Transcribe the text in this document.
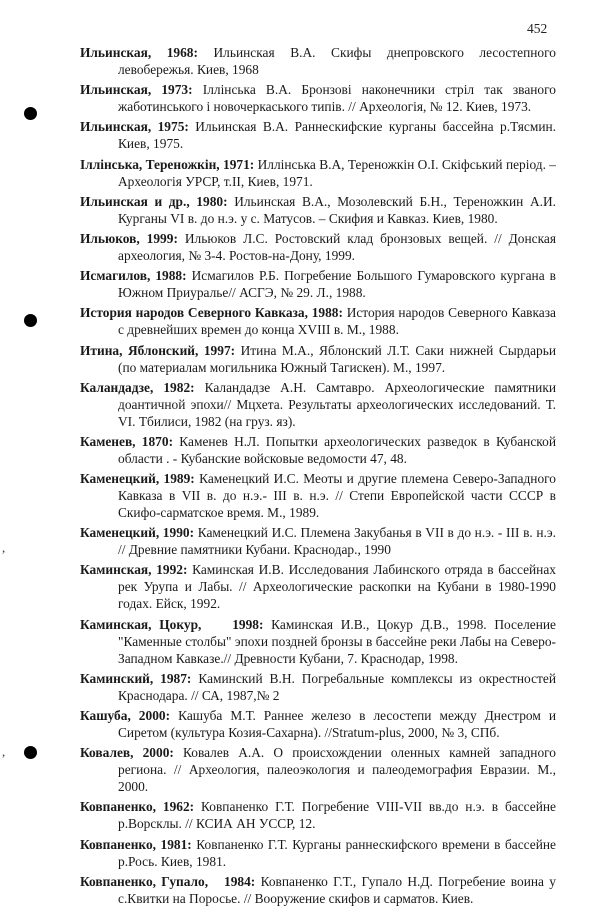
452
,
,
Ильинская, 1968: Ильинская В.А. Скифы днепровского лесостепного левобережья. Киев, 1968
Ильинская, 1973: Іллінська В.А. Бронзові наконечники стріл так званого жаботинського і новочеркаського типів. // Археологія, № 12. Киев, 1973.
Ильинская, 1975: Ильинская В.А. Раннескифские курганы бассейна р.Тясмин. Киев, 1975.
Іллінська, Тереножкін, 1971: Иллінська В.А, Тереножкін О.І. Скіфський період. – Археологія УРСР, т.ІІ, Киев, 1971.
Ильинская и др., 1980: Ильинская В.А., Мозолевский Б.Н., Тереножкин А.И. Курганы VI в. до н.э. у с. Матусов. – Скифия и Кавказ. Киев, 1980.
Ильюков, 1999: Ильюков Л.С. Ростовский клад бронзовых вещей. // Донская археология, № 3-4. Ростов-на-Дону, 1999.
Исмагилов, 1988: Исмагилов Р.Б. Погребение Большого Гумаровского кургана в Южном Приуралье// АСГЭ, № 29. Л., 1988.
История народов Северного Кавказа, 1988: История народов Северного Кавказа с древнейших времен до конца XVIII в. М., 1988.
Итина, Яблонский, 1997: Итина М.А., Яблонский Л.Т. Саки нижней Сырдарьи (по материалам могильника Южный Тагискен). М., 1997.
Каландадзе, 1982: Каландадзе А.Н. Самтавро. Археологические памятники доантичной эпохи// Мцхета. Результаты археологических исследований. Т. VI. Тбилиси, 1982 (на груз. яз).
Каменев, 1870: Каменев Н.Л. Попытки археологических разведок в Кубанской области . - Кубанские войсковые ведомости 47, 48.
Каменецкий, 1989: Каменецкий И.С. Меоты и другие племена Северо-Западного Кавказа в VII в. до н.э.- III в. н.э. // Степи Европейской части СССР в Скифо-сарматское время. М., 1989.
Каменецкий, 1990: Каменецкий И.С. Племена Закубанья в VII в до н.э. - III в. н.э. // Древние памятники Кубани. Краснодар., 1990
Каминская, 1992: Каминская И.В. Исследования Лабинского отряда в бассейнах рек Урупа и Лабы. // Археологические раскопки на Кубани в 1980-1990 годах. Ейск, 1992.
Каминская, Цокур,    1998: Каминская И.В., Цокур Д.В., 1998. Поселение "Каменные столбы" эпохи поздней бронзы в бассейне реки Лабы на Северо-Западном Кавказе.// Древности Кубани, 7. Краснодар, 1998.
Каминский, 1987: Каминский В.Н. Погребальные комплексы из окрестностей Краснодара. // СА, 1987,№ 2
Кашуба, 2000: Кашуба М.Т. Раннее железо в лесостепи между Днестром и Сиретом (культура Козия-Сахарна). //Stratum-plus, 2000, № 3, СПб.
Ковалев, 2000: Ковалев А.А. О происхождении оленных камней западного региона. // Археология, палеоэкология и палеодемография Евразии. М., 2000.
Ковпаненко, 1962: Ковпаненко Г.Т. Погребение VIII-VII вв.до н.э. в бассейне р.Ворсклы. // КСИА АН УССР, 12.
Ковпаненко, 1981: Ковпаненко Г.Т. Курганы раннескифского времени в бассейне р.Рось. Киев, 1981.
Ковпаненко, Гупало,   1984: Ковпаненко Г.Т., Гупало Н.Д. Погребение воина у с.Квитки на Поросье. // Вооружение скифов и сарматов. Киев.
